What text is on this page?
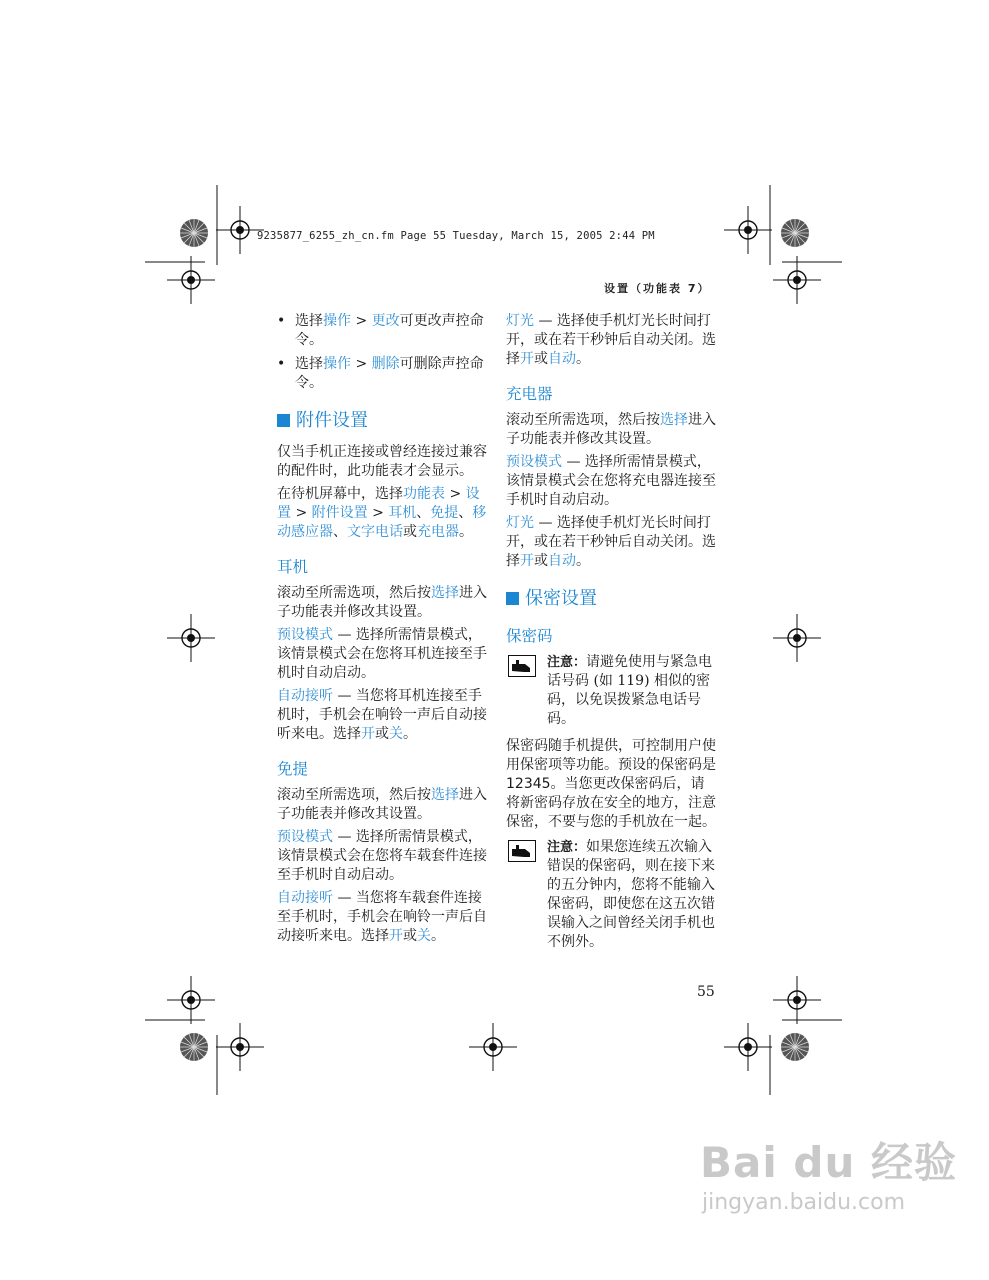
9235877_6255_zh_cn.fm Page 55 Tuesday, March 15, 2005 2:44 PM
设置（功能表 7）
• 选择操作 > 更改可更改声控命令。
• 选择操作 > 删除可删除声控命令。
附件设置

仅当手机正连接或曾经连接过兼容的配件时，此功能表才会显示。

在待机屏幕中，选择功能表 > 设置 > 附件设置 > 耳机、免提、移动感应器、文字电话或充电器。

耳机

滚动至所需选项，然后按选择进入子功能表并修改其设置。

预设模式 — 选择所需情景模式，该情景模式会在您将耳机连接至手机时自动启动。

自动接听 — 当您将耳机连接至手机时，手机会在响铃一声后自动接听来电。选择开或关。

免提

滚动至所需选项，然后按选择进入子功能表并修改其设置。

预设模式 — 选择所需情景模式，该情景模式会在您将车载套件连接至手机时自动启动。

自动接听 — 当您将车载套件连接至手机时，手机会在响铃一声后自动接听来电。选择开或关。

灯光 — 选择使手机灯光长时间打开，或在若干秒钟后自动关闭。选择开或自动。

充电器

滚动至所需选项，然后按选择进入子功能表并修改其设置。

预设模式 — 选择所需情景模式，该情景模式会在您将充电器连接至手机时自动启动。

灯光 — 选择使手机灯光长时间打开，或在若干秒钟后自动关闭。选择开或自动。

保密设置
保密码
注意：请避免使用与紧急电话号码 (如 119) 相似的密码，以免误拨紧急电话号码。

保密码随手机提供，可控制用户使用保密项等功能。预设的保密码是 12345。当您更改保密码后，请将新密码存放在安全的地方，注意保密，不要与您的手机放在一起。

注意：如果您连续五次输入错误的保密码，则在接下来的五分钟内，您将不能输入保密码，即使您在这五次错误输入之间曾经关闭手机也不例外。
55
Bai du 经验
jingyan.baidu.com
